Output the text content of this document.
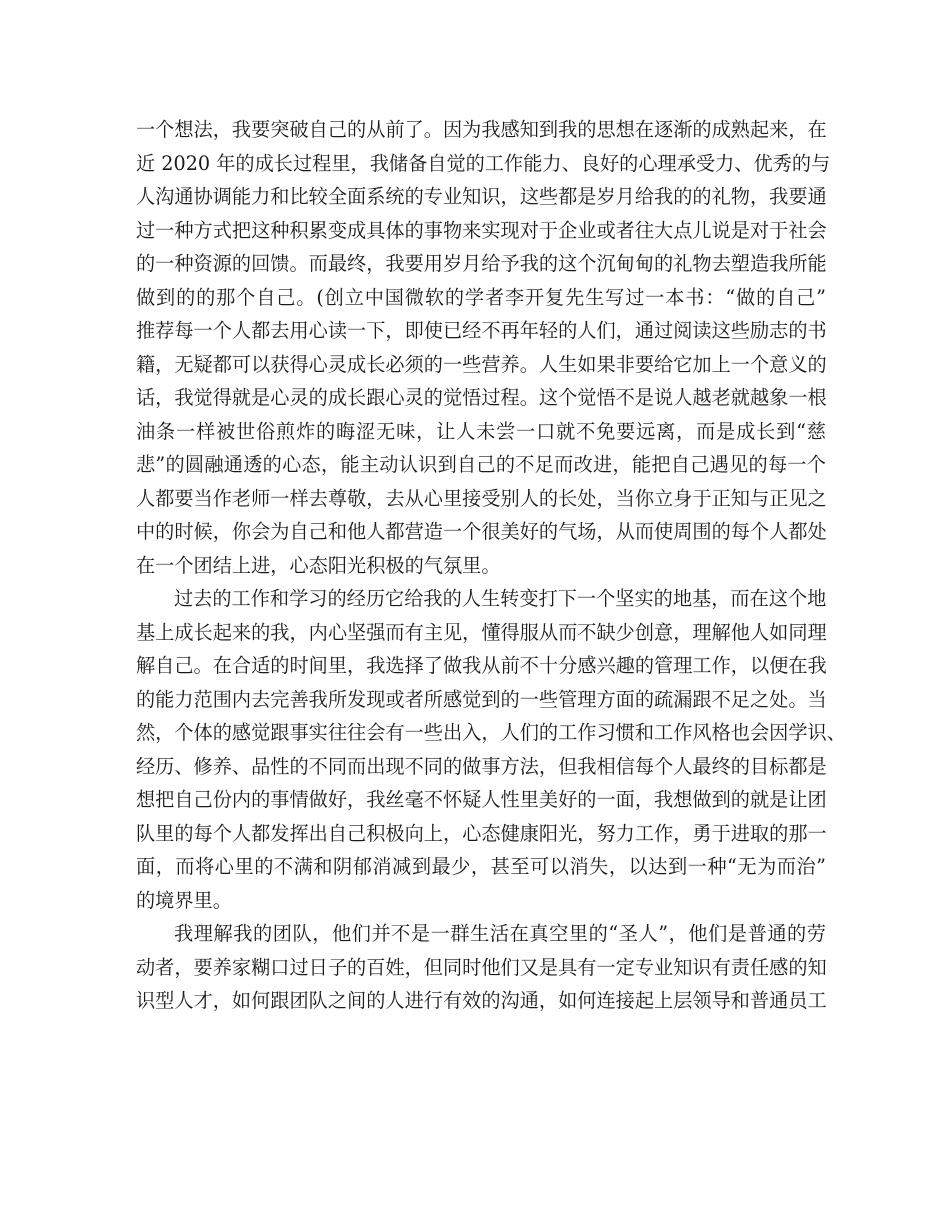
一个想法，我要突破自己的从前了。因为我感知到我的思想在逐渐的成熟起来，在
近 2020 年的成长过程里，我储备自觉的工作能力、良好的心理承受力、优秀的与
人沟通协调能力和比较全面系统的专业知识，这些都是岁月给我的的礼物，我要通
过一种方式把这种积累变成具体的事物来实现对于企业或者往大点儿说是对于社会
的一种资源的回馈。而最终，我要用岁月给予我的这个沉甸甸的礼物去塑造我所能
做到的的那个自己。(创立中国微软的学者李开复先生写过一本书：“做的自己”
推荐每一个人都去用心读一下，即使已经不再年轻的人们，通过阅读这些励志的书
籍，无疑都可以获得心灵成长必须的一些营养。人生如果非要给它加上一个意义的
话，我觉得就是心灵的成长跟心灵的觉悟过程。这个觉悟不是说人越老就越象一根
油条一样被世俗煎炸的晦涩无味，让人未尝一口就不免要远离，而是成长到“慈
悲”的圆融通透的心态，能主动认识到自己的不足而改进，能把自己遇见的每一个
人都要当作老师一样去尊敬，去从心里接受别人的长处，当你立身于正知与正见之
中的时候，你会为自己和他人都营造一个很美好的气场，从而使周围的每个人都处
在一个团结上进，心态阳光积极的气氛里。
过去的工作和学习的经历它给我的人生转变打下一个坚实的地基，而在这个地
基上成长起来的我，内心坚强而有主见，懂得服从而不缺少创意，理解他人如同理
解自己。在合适的时间里，我选择了做我从前不十分感兴趣的管理工作，以便在我
的能力范围内去完善我所发现或者所感觉到的一些管理方面的疏漏跟不足之处。当
然，个体的感觉跟事实往往会有一些出入，人们的工作习惯和工作风格也会因学识、
经历、修养、品性的不同而出现不同的做事方法，但我相信每个人最终的目标都是
想把自己份内的事情做好，我丝毫不怀疑人性里美好的一面，我想做到的就是让团
队里的每个人都发挥出自己积极向上，心态健康阳光，努力工作，勇于进取的那一
面，而将心里的不满和阴郁消减到最少，甚至可以消失，以达到一种“无为而治”
的境界里。
我理解我的团队，他们并不是一群生活在真空里的“圣人”，他们是普通的劳
动者，要养家糊口过日子的百姓，但同时他们又是具有一定专业知识有责任感的知
识型人才，如何跟团队之间的人进行有效的沟通，如何连接起上层领导和普通员工
